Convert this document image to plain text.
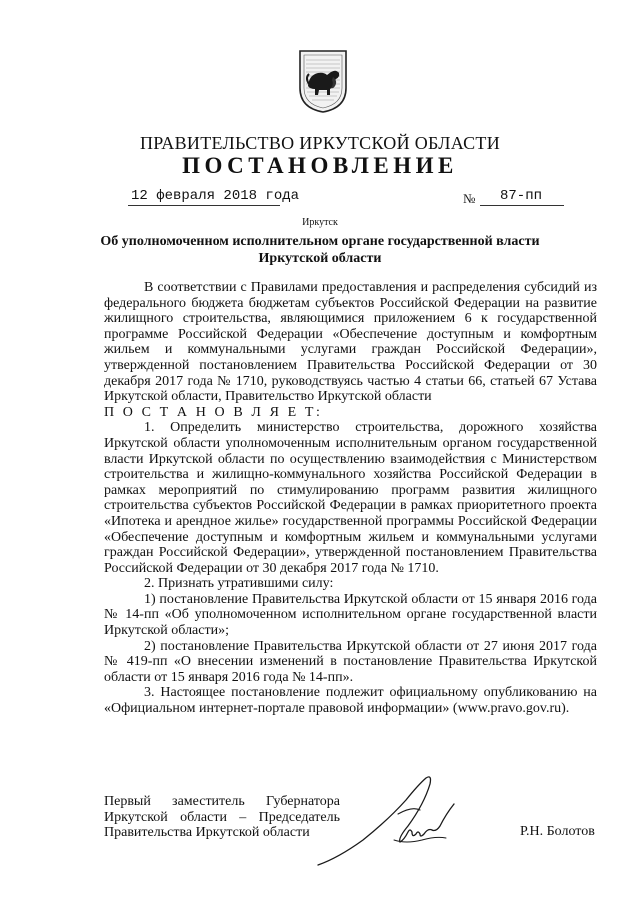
ПРАВИТЕЛЬСТВО ИРКУТСКОЙ ОБЛАСТИ
ПОСТАНОВЛЕНИЕ
12 февраля 2018 года	№ 87-пп
Иркутск
Об уполномоченном исполнительном органе государственной власти
Иркутской области

В соответствии с Правилами предоставления и распределения субсидий из федерального бюджета бюджетам субъектов Российской Федерации на развитие жилищного строительства, являющимися приложением 6 к государственной программе Российской Федерации «Обеспечение доступным и комфортным жильем и коммунальными услугами граждан Российской Федерации», утвержденной постановлением Правительства Российской Федерации от 30 декабря 2017 года № 1710, руководствуясь частью 4 статьи 66, статьей 67 Устава Иркутской области, Правительство Иркутской области

П О С Т А Н О В Л Я Е Т:

1. Определить министерство строительства, дорожного хозяйства Иркутской области уполномоченным исполнительным органом государственной власти Иркутской области по осуществлению взаимодействия с Министерством строительства и жилищно-коммунального хозяйства Российской Федерации в рамках мероприятий по стимулированию программ развития жилищного строительства субъектов Российской Федерации в рамках приоритетного проекта «Ипотека и арендное жилье» государственной программы Российской Федерации «Обеспечение доступным и комфортным жильем и коммунальными услугами граждан Российской Федерации», утвержденной постановлением Правительства Российской Федерации от 30 декабря 2017 года № 1710.

2. Признать утратившими силу:

1) постановление Правительства Иркутской области от 15 января 2016 года № 14-пп «Об уполномоченном исполнительном органе государственной власти Иркутской области»;

2) постановление Правительства Иркутской области от 27 июня 2017 года № 419-пп «О внесении изменений в постановление Правительства Иркутской области от 15 января 2016 года № 14-пп».

3. Настоящее постановление подлежит официальному опубликованию на «Официальном интернет-портале правовой информации» (www.pravo.gov.ru).

Первый заместитель Губернатора
Иркутской области – Председатель
Правительства Иркутской области	Р.Н. Болотов
